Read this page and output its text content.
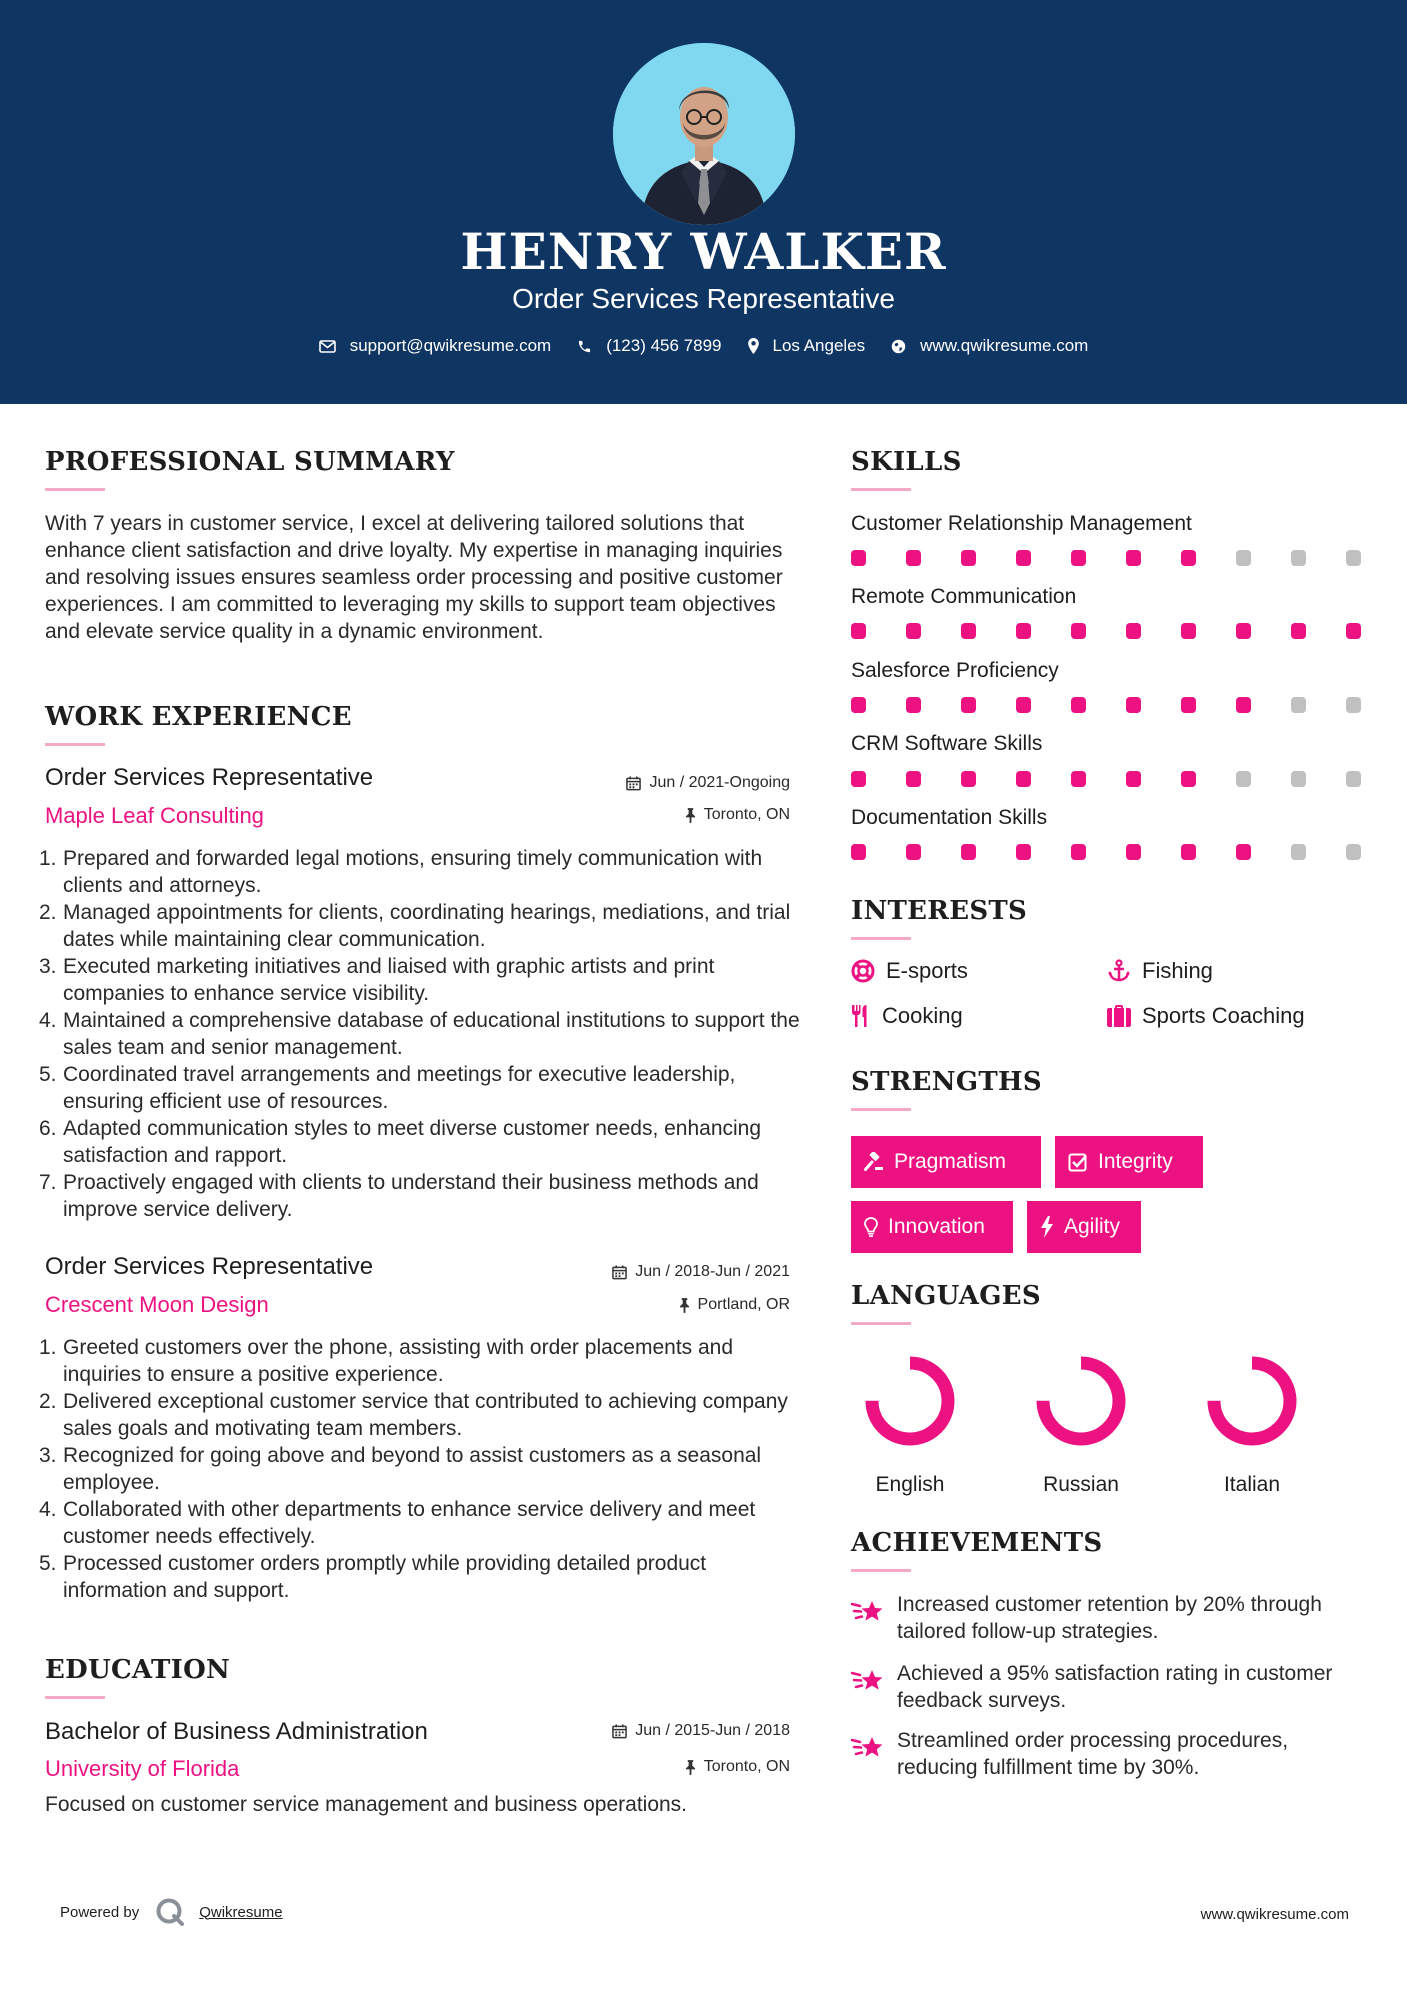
HENRY WALKER
Order Services Representative
support@qwikresume.com	(123) 456 7899	Los Angeles	www.qwikresume.com
PROFESSIONAL SUMMARY
With 7 years in customer service, I excel at delivering tailored solutions that enhance client satisfaction and drive loyalty. My expertise in managing inquiries and resolving issues ensures seamless order processing and positive customer experiences. I am committed to leveraging my skills to support team objectives and elevate service quality in a dynamic environment.
WORK EXPERIENCE
Order Services Representative	Jun / 2021-Ongoing
Maple Leaf Consulting	Toronto, ON
1. Prepared and forwarded legal motions, ensuring timely communication with clients and attorneys.
2. Managed appointments for clients, coordinating hearings, mediations, and trial dates while maintaining clear communication.
3. Executed marketing initiatives and liaised with graphic artists and print companies to enhance service visibility.
4. Maintained a comprehensive database of educational institutions to support the sales team and senior management.
5. Coordinated travel arrangements and meetings for executive leadership, ensuring efficient use of resources.
6. Adapted communication styles to meet diverse customer needs, enhancing satisfaction and rapport.
7. Proactively engaged with clients to understand their business methods and improve service delivery.
Order Services Representative	Jun / 2018-Jun / 2021
Crescent Moon Design	Portland, OR
1. Greeted customers over the phone, assisting with order placements and inquiries to ensure a positive experience.
2. Delivered exceptional customer service that contributed to achieving company sales goals and motivating team members.
3. Recognized for going above and beyond to assist customers as a seasonal employee.
4. Collaborated with other departments to enhance service delivery and meet customer needs effectively.
5. Processed customer orders promptly while providing detailed product information and support.
EDUCATION
Bachelor of Business Administration	Jun / 2015-Jun / 2018
University of Florida	Toronto, ON
Focused on customer service management and business operations.
SKILLS
Customer Relationship Management
Remote Communication
Salesforce Proficiency
CRM Software Skills
Documentation Skills
INTERESTS
E-sports	Fishing
Cooking	Sports Coaching
STRENGTHS
Pragmatism	Integrity
Innovation	Agility
LANGUAGES
English	Russian	Italian
ACHIEVEMENTS
Increased customer retention by 20% through tailored follow-up strategies.
Achieved a 95% satisfaction rating in customer feedback surveys.
Streamlined order processing procedures, reducing fulfillment time by 30%.
Powered by	Qwikresume	www.qwikresume.com
